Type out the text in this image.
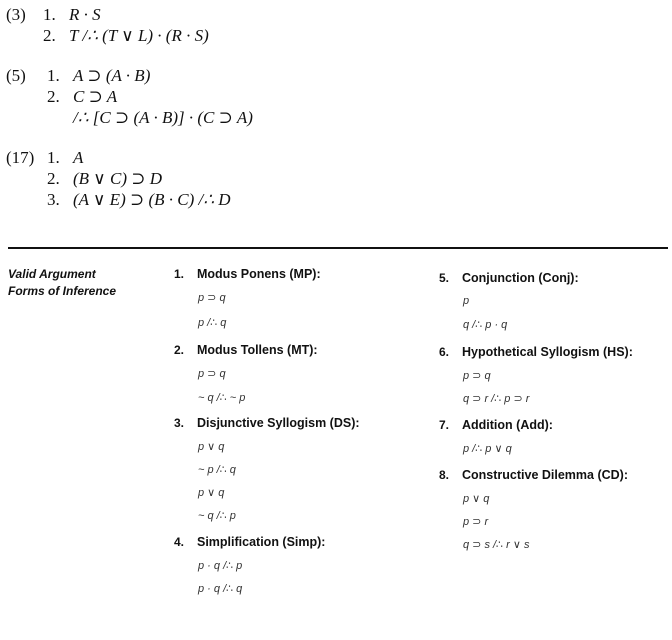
(3) 1. R · S
2. T /∴ (T ∨ L) · (R · S)
(5) 1. A ⊃ (A · B)
2. C ⊃ A
/∴ [C ⊃ (A · B)] · (C ⊃ A)
(17) 1. A
2. (B ∨ C) ⊃ D
3. (A ∨ E) ⊃ (B · C) /∴ D
Valid Argument
Forms of Inference
1. Modus Ponens (MP):
p ⊃ q
p /∴ q
2. Modus Tollens (MT):
p ⊃ q
~ q /∴ ~ p
3. Disjunctive Syllogism (DS):
p ∨ q
~ p /∴ q
p ∨ q
~ q /∴ p
4. Simplification (Simp):
p · q /∴ p
p · q /∴ q
5. Conjunction (Conj):
p
q /∴ p · q
6. Hypothetical Syllogism (HS):
p ⊃ q
q ⊃ r /∴ p ⊃ r
7. Addition (Add):
p /∴ p ∨ q
8. Constructive Dilemma (CD):
p ∨ q
p ⊃ r
q ⊃ s /∴ r ∨ s
